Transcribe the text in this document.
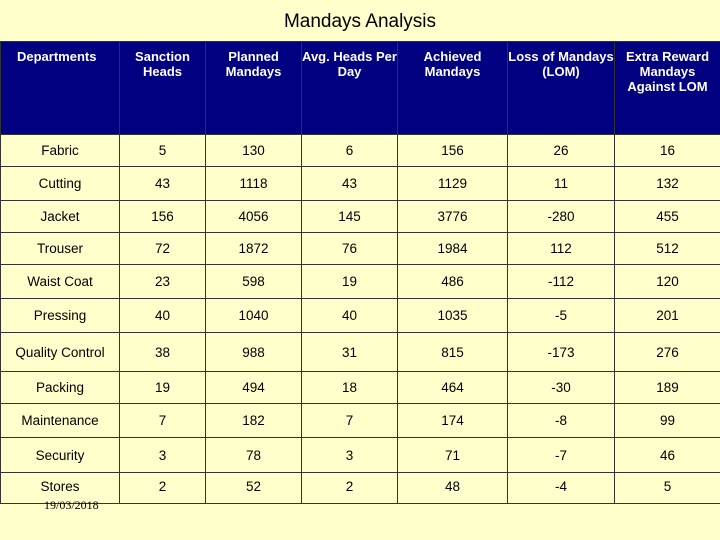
Mandays Analysis
Departments	Sanction Heads	Planned Mandays	Avg. Heads Per Day	Achieved Mandays	Loss of Mandays (LOM)	Extra Reward Mandays Against LOM
Fabric	5	130	6	156	26	16
Cutting	43	1118	43	1129	11	132
Jacket	156	4056	145	3776	-280	455
Trouser	72	1872	76	1984	112	512
Waist Coat	23	598	19	486	-112	120
Pressing	40	1040	40	1035	-5	201
Quality Control	38	988	31	815	-173	276
Packing	19	494	18	464	-30	189
Maintenance	7	182	7	174	-8	99
Security	3	78	3	71	-7	46
Stores	2	52	2	48	-4	5
19/03/2018
